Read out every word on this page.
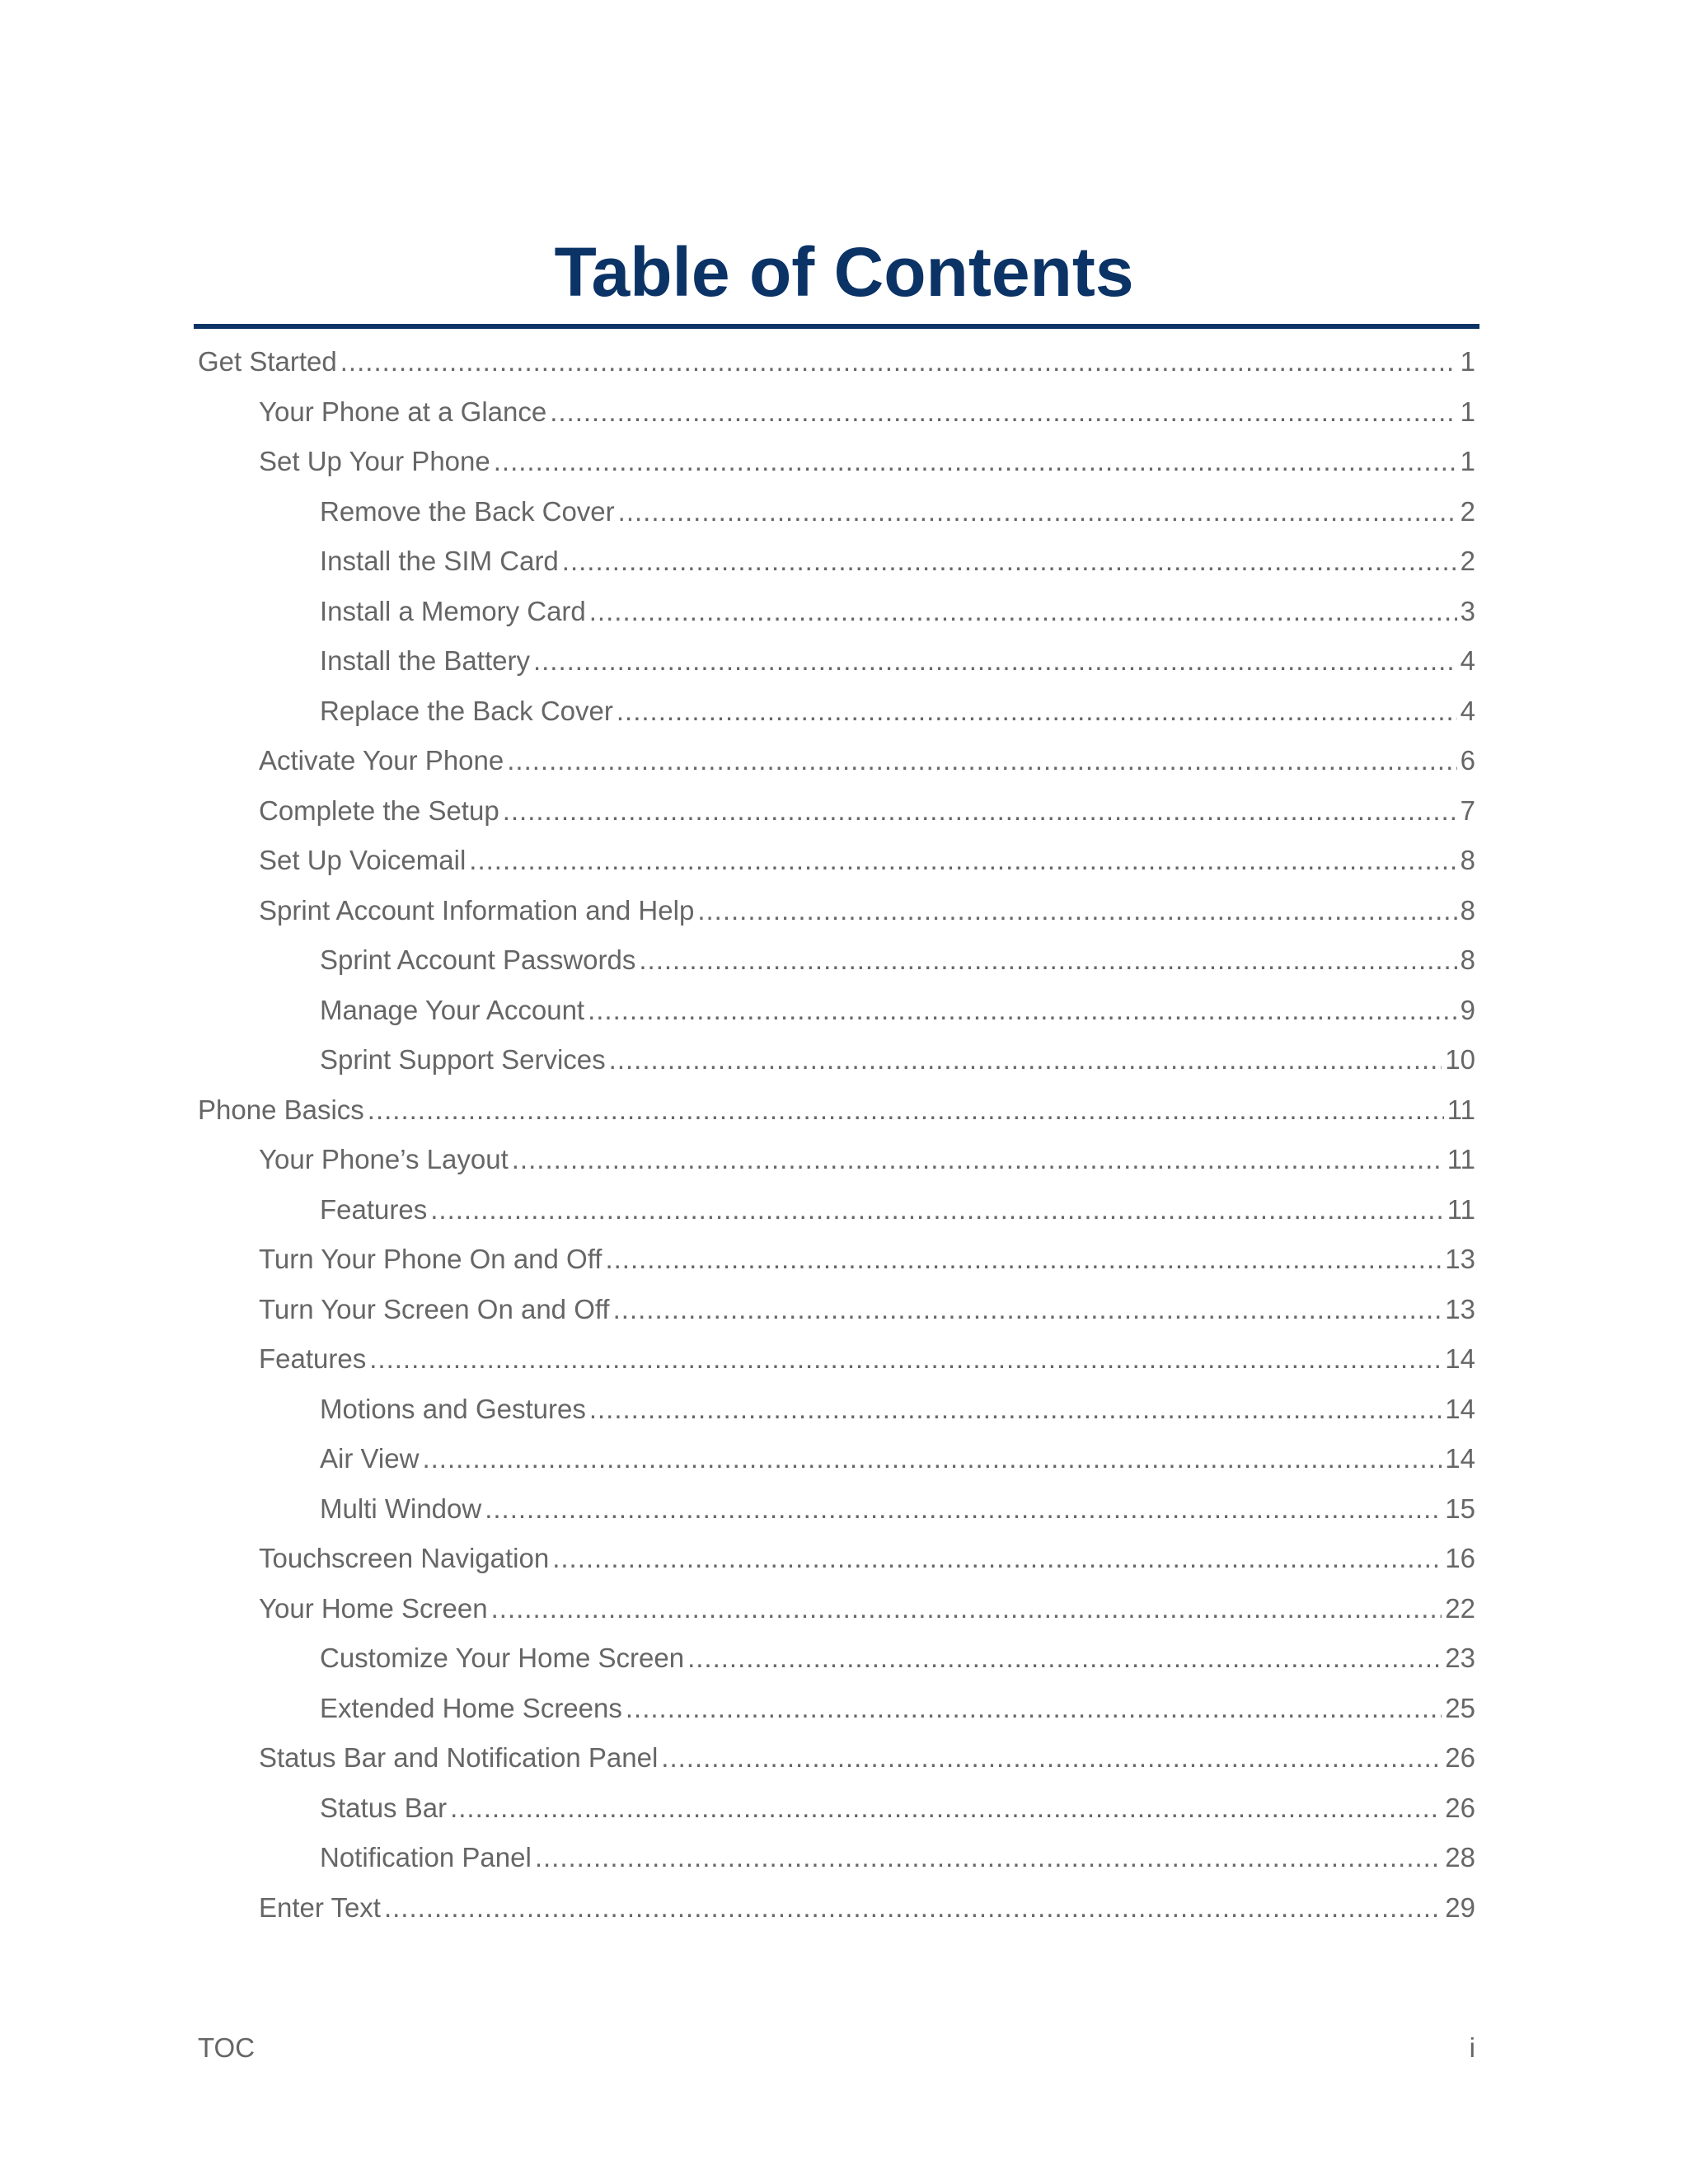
Table of Contents
Get Started .....	1
Your Phone at a Glance .....	1
Set Up Your Phone .....	1
Remove the Back Cover .....	2
Install the SIM Card .....	2
Install a Memory Card .....	3
Install the Battery .....	4
Replace the Back Cover .....	4
Activate Your Phone .....	6
Complete the Setup .....	7
Set Up Voicemail .....	8
Sprint Account Information and Help .....	8
Sprint Account Passwords .....	8
Manage Your Account .....	9
Sprint Support Services .....	10
Phone Basics .....	11
Your Phone’s Layout .....	11
Features .....	11
Turn Your Phone On and Off .....	13
Turn Your Screen On and Off .....	13
Features .....	14
Motions and Gestures .....	14
Air View .....	14
Multi Window .....	15
Touchscreen Navigation .....	16
Your Home Screen .....	22
Customize Your Home Screen .....	23
Extended Home Screens .....	25
Status Bar and Notification Panel .....	26
Status Bar .....	26
Notification Panel .....	28
Enter Text .....	29
TOC	i
